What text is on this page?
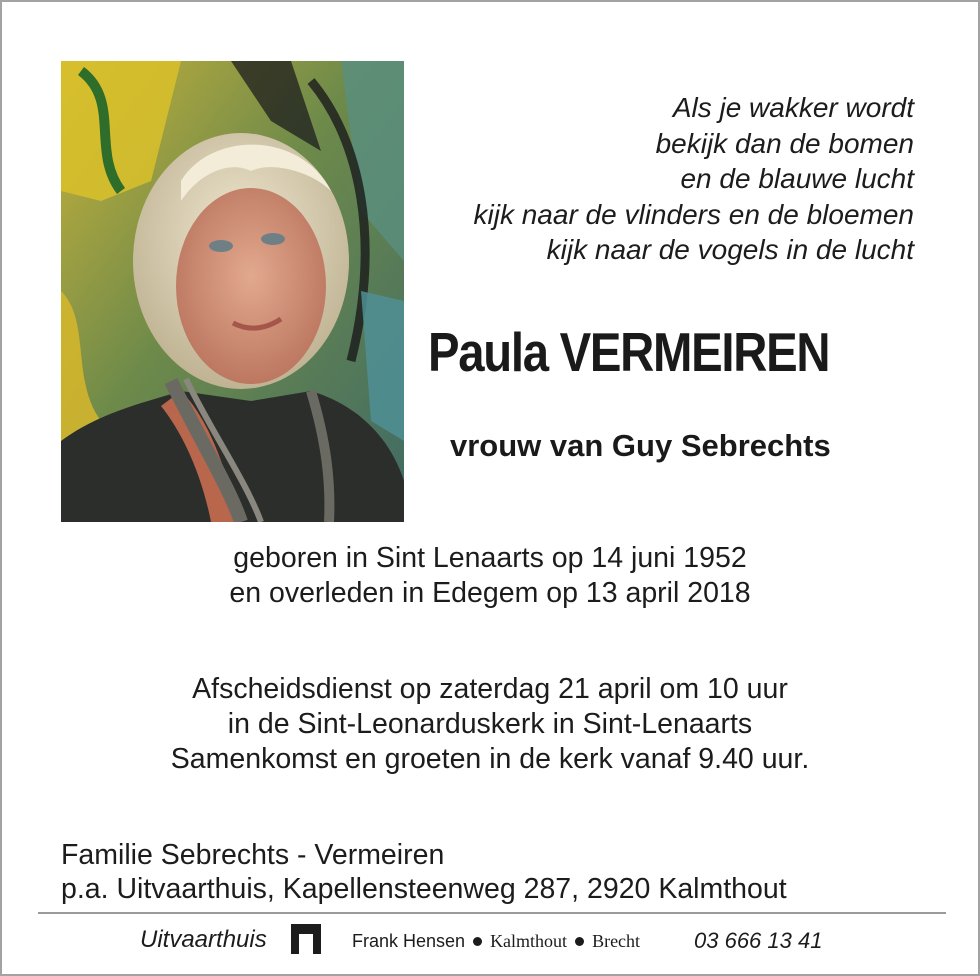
Als je wakker wordt
bekijk dan de bomen
en de blauwe lucht
kijk naar de vlinders en de bloemen
kijk naar de vogels in de lucht
Paula VERMEIREN
vrouw van Guy Sebrechts
geboren in Sint Lenaarts op 14 juni 1952
en overleden in Edegem op 13 april 2018
Afscheidsdienst op zaterdag 21 april om 10 uur
in de Sint-Leonarduskerk in Sint-Lenaarts
Samenkomst en groeten in de kerk vanaf 9.40 uur.
Familie Sebrechts - Vermeiren
p.a. Uitvaarthuis, Kapellensteenweg 287, 2920 Kalmthout
Uitvaarthuis	Frank Hensen Kalmthout Brecht 03 666 13 41
